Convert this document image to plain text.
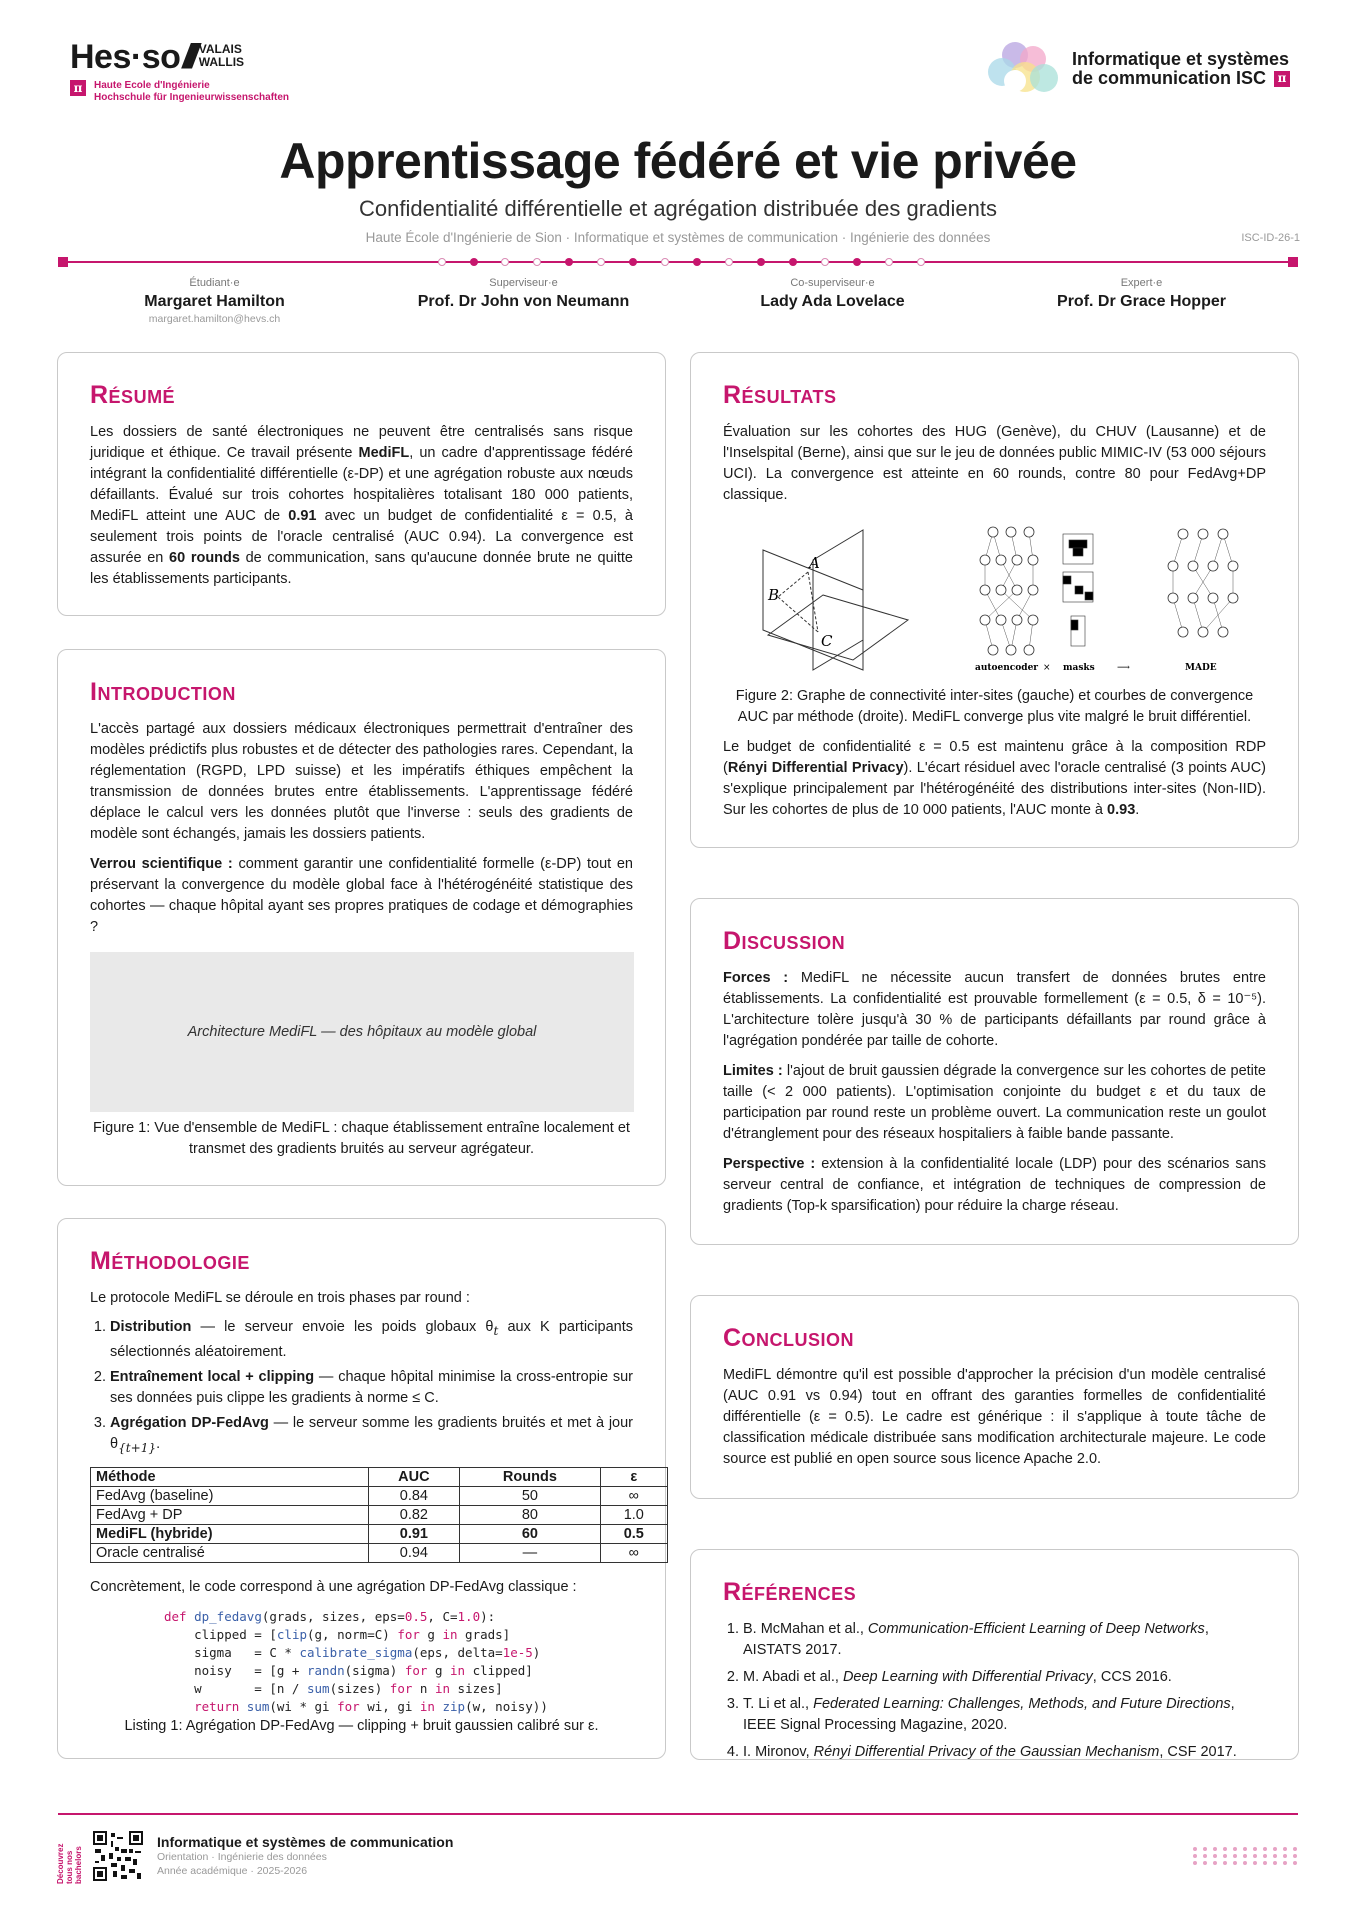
Hes·so/// VALAIS
WALLIS
π	Haute Ecole d'Ingénierie
Hochschule für Ingenieurwissenschaften
Informatique et systèmes
de communication ISC π
Apprentissage fédéré et vie privée
Confidentialité différentielle et agrégation distribuée des gradients
Haute École d'Ingénierie de Sion · Informatique et systèmes de communication · Ingénierie des données	ISC-ID-26-1
Étudiant·e
Margaret Hamilton
margaret.hamilton@hevs.ch
Superviseur·e
Prof. Dr John von Neumann
Co-superviseur·e
Lady Ada Lovelace
Expert·e
Prof. Dr Grace Hopper
Résumé

Les dossiers de santé électroniques ne peuvent être centralisés sans risque juridique et éthique. Ce travail présente MediFL, un cadre d'apprentissage fédéré intégrant la confidentialité différentielle (ε-DP) et une agrégation robuste aux nœuds défaillants. Évalué sur trois cohortes hospitalières totalisant 180 000 patients, MediFL atteint une AUC de 0.91 avec un budget de confidentialité ε = 0.5, à seulement trois points de l'oracle centralisé (AUC 0.94). La convergence est assurée en 60 rounds de communication, sans qu'aucune donnée brute ne quitte les établissements participants.

Introduction

L'accès partagé aux dossiers médicaux électroniques permettrait d'entraîner des modèles prédictifs plus robustes et de détecter des pathologies rares. Cependant, la réglementation (RGPD, LPD suisse) et les impératifs éthiques empêchent la transmission de données brutes entre établissements. L'apprentissage fédéré déplace le calcul vers les données plutôt que l'inverse : seuls des gradients de modèle sont échangés, jamais les dossiers patients.

Verrou scientifique : comment garantir une confidentialité formelle (ε-DP) tout en préservant la convergence du modèle global face à l'hétérogénéité statistique des cohortes — chaque hôpital ayant ses propres pratiques de codage et démographies ?

Architecture MediFL — des hôpitaux au modèle global

Figure 1: Vue d'ensemble de MediFL : chaque établissement entraîne localement et transmet des gradients bruités au serveur agrégateur.

Méthodologie

Le protocole MediFL se déroule en trois phases par round :

1. Distribution — le serveur envoie les poids globaux $\theta_t$ aux K participants sélectionnés aléatoirement.
2. Entraînement local + clipping — chaque hôpital minimise la cross-entropie sur ses données puis clippe les gradients à norme ≤ C.
3. Agrégation DP-FedAvg — le serveur somme les gradients bruités et met à jour $\theta_{\{t+1\}}$.
Méthode	AUC	Rounds	ε
FedAvg (baseline)	0.84	50	∞
FedAvg + DP	0.82	80	1.0
MediFL (hybride)	0.91	60	0.5
Oracle centralisé	0.94	—	∞

Concrètement, le code correspond à une agrégation DP-FedAvg classique :

def dp_fedavg(grads, sizes, eps=0.5, C=1.0):
clipped = [clip(g, norm=C) for g in grads]
sigma   = C * calibrate_sigma(eps, delta=1e-5)
noisy   = [g + randn(sigma) for g in clipped]
w       = [n / sum(sizes) for n in sizes]
return sum(wi * gi for wi, gi in zip(w, noisy))

Listing 1: Agrégation DP-FedAvg — clipping + bruit gaussien calibré sur ε.

Résultats

Évaluation sur les cohortes des HUG (Genève), du CHUV (Lausanne) et de l'Inselspital (Berne), ainsi que sur le jeu de données public MIMIC-IV (53 000 séjours UCI). La convergence est atteinte en 60 rounds, contre 80 pour FedAvg+DP classique.

A
B
C
autoencoder × masks ⟶	MADE

Figure 2: Graphe de connectivité inter-sites (gauche) et courbes de convergence AUC par méthode (droite). MediFL converge plus vite malgré le bruit différentiel.

Le budget de confidentialité ε = 0.5 est maintenu grâce à la composition RDP (Rényi Differential Privacy). L'écart résiduel avec l'oracle centralisé (3 points AUC) s'explique principalement par l'hétérogénéité des distributions inter-sites (Non-IID). Sur les cohortes de plus de 10 000 patients, l'AUC monte à 0.93.

Discussion

Forces : MediFL ne nécessite aucun transfert de données brutes entre établissements. La confidentialité est prouvable formellement (ε = 0.5, δ = 10⁻⁵). L'architecture tolère jusqu'à 30 % de participants défaillants par round grâce à l'agrégation pondérée par taille de cohorte.

Limites : l'ajout de bruit gaussien dégrade la convergence sur les cohortes de petite taille (< 2 000 patients). L'optimisation conjointe du budget ε et du taux de participation par round reste un problème ouvert. La communication reste un goulot d'étranglement pour des réseaux hospitaliers à faible bande passante.

Perspective : extension à la confidentialité locale (LDP) pour des scénarios sans serveur central de confiance, et intégration de techniques de compression de gradients (Top-k sparsification) pour réduire la charge réseau.

Conclusion

MediFL démontre qu'il est possible d'approcher la précision d'un modèle centralisé (AUC 0.91 vs 0.94) tout en offrant des garanties formelles de confidentialité différentielle (ε = 0.5). Le cadre est générique : il s'applique à toute tâche de classification médicale distribuée sans modification architecturale majeure. Le code source est publié en open source sous licence Apache 2.0.

Références
1. B. McMahan et al., Communication-Efficient Learning of Deep Networks, AISTATS 2017.
2. M. Abadi et al., Deep Learning with Differential Privacy, CCS 2016.
3. T. Li et al., Federated Learning: Challenges, Methods, and Future Directions, IEEE Signal Processing Magazine, 2020.
4. I. Mironov, Rényi Differential Privacy of the Gaussian Mechanism, CSF 2017.
Découvrez tous nos bachelors
Informatique et systèmes de communication
Orientation · Ingénierie des données
Année académique · 2025-2026
